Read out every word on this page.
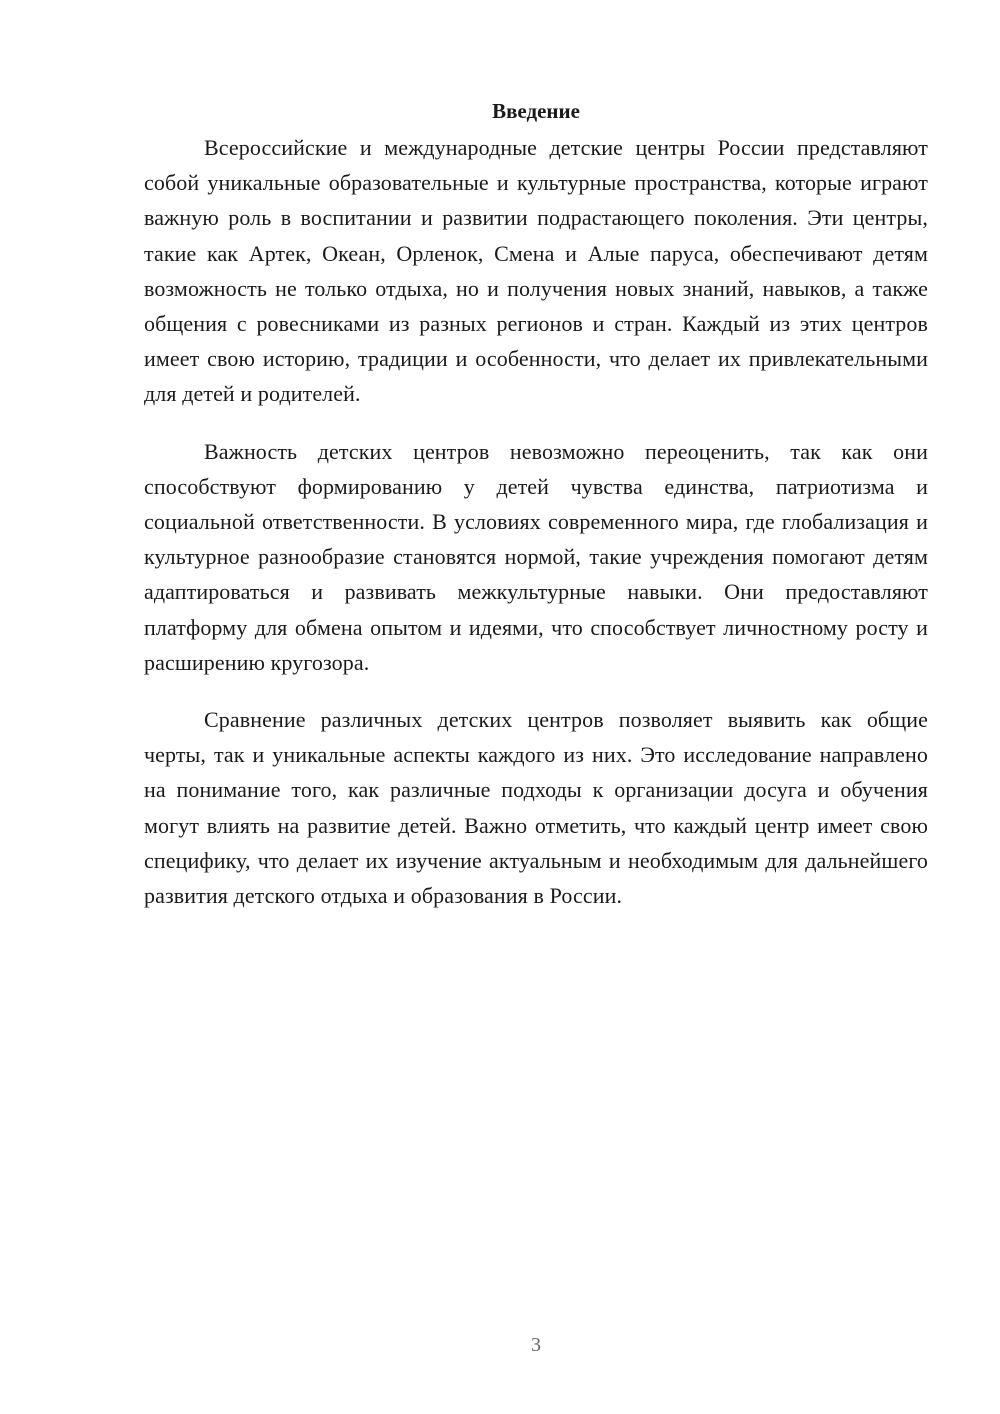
Введение

Всероссийские и международные детские центры России представляют собой уникальные образовательные и культурные пространства, которые играют важную роль в воспитании и развитии подрастающего поколения. Эти центры, такие как Артек, Океан, Орленок, Смена и Алые паруса, обеспечивают детям возможность не только отдыха, но и получения новых знаний, навыков, а также общения с ровесниками из разных регионов и стран. Каждый из этих центров имеет свою историю, традиции и особенности, что делает их привлекательными для детей и родителей.

Важность детских центров невозможно переоценить, так как они способствуют формированию у детей чувства единства, патриотизма и социальной ответственности. В условиях современного мира, где глобализация и культурное разнообразие становятся нормой, такие учреждения помогают детям адаптироваться и развивать межкультурные навыки. Они предоставляют платформу для обмена опытом и идеями, что способствует личностному росту и расширению кругозора.

Сравнение различных детских центров позволяет выявить как общие черты, так и уникальные аспекты каждого из них. Это исследование направлено на понимание того, как различные подходы к организации досуга и обучения могут влиять на развитие детей. Важно отметить, что каждый центр имеет свою специфику, что делает их изучение актуальным и необходимым для дальнейшего развития детского отдыха и образования в России.

3
